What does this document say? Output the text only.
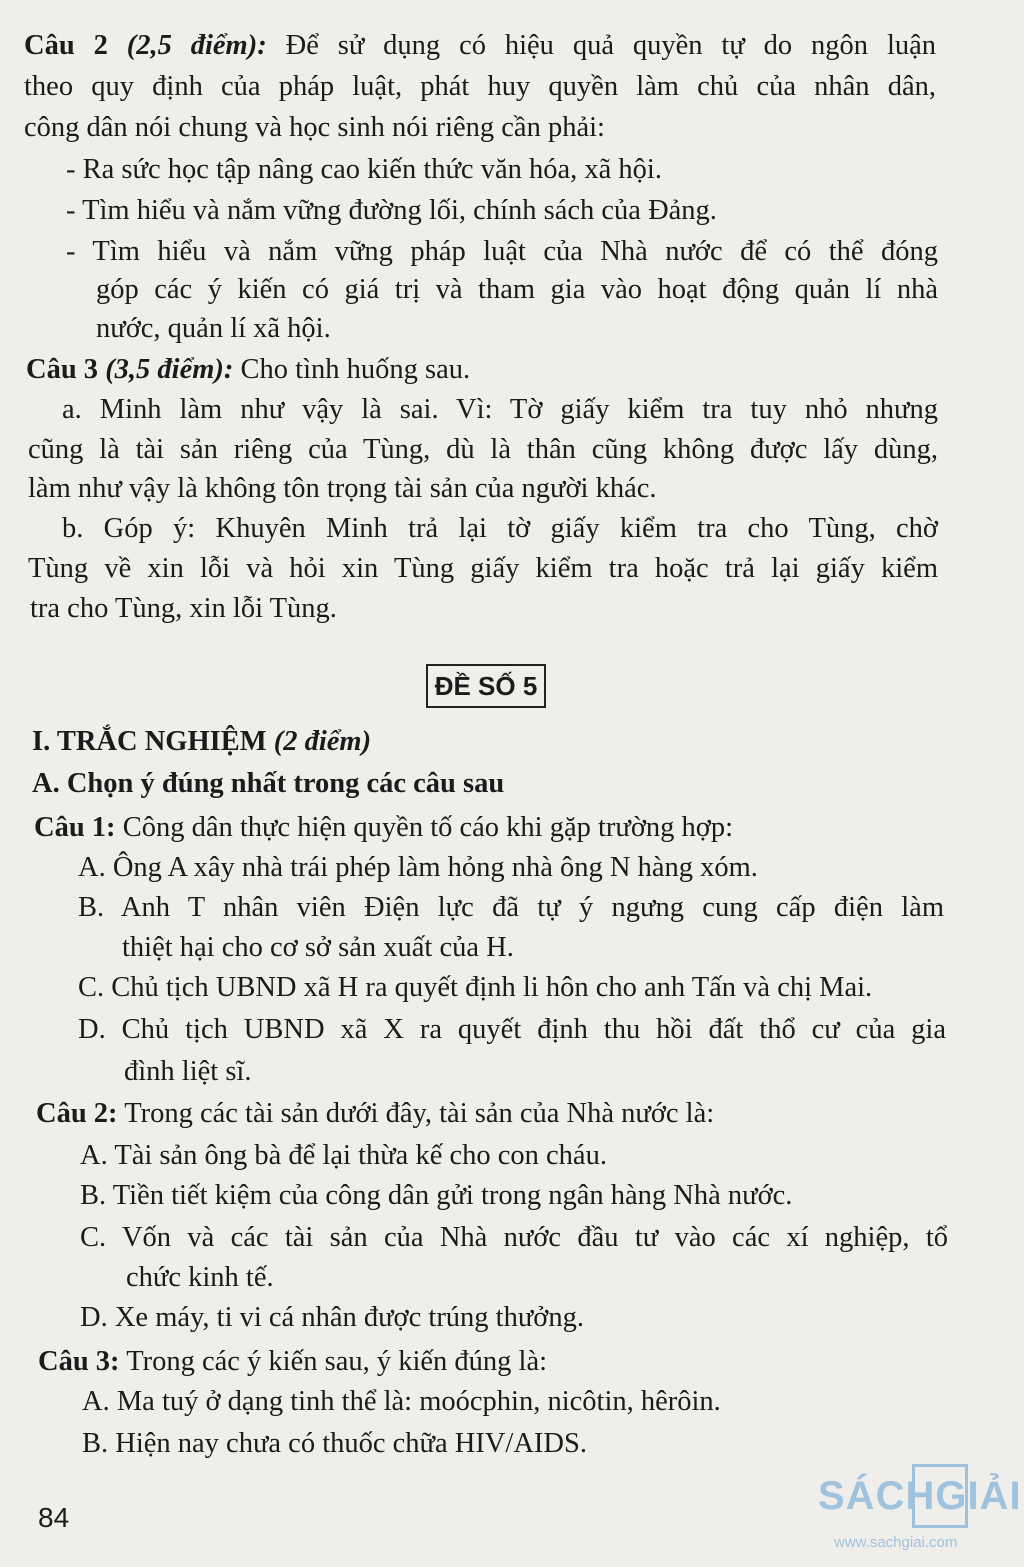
Câu 2 (2,5 điểm): Để sử dụng có hiệu quả quyền tự do ngôn luận
theo quy định của pháp luật, phát huy quyền làm chủ của nhân dân,
công dân nói chung và học sinh nói riêng cần phải:
- Ra sức học tập nâng cao kiến thức văn hóa, xã hội.
- Tìm hiểu và nắm vững đường lối, chính sách của Đảng.
- Tìm hiểu và nắm vững pháp luật của Nhà nước để có thể đóng
góp các ý kiến có giá trị và tham gia vào hoạt động quản lí nhà
nước, quản lí xã hội.
Câu 3 (3,5 điểm): Cho tình huống sau.
a. Minh làm như vậy là sai. Vì: Tờ giấy kiểm tra tuy nhỏ nhưng
cũng là tài sản riêng của Tùng, dù là thân cũng không được lấy dùng,
làm như vậy là không tôn trọng tài sản của người khác.
b. Góp ý: Khuyên Minh trả lại tờ giấy kiểm tra cho Tùng, chờ
Tùng về xin lỗi và hỏi xin Tùng giấy kiểm tra hoặc trả lại giấy kiểm
tra cho Tùng, xin lỗi Tùng.
ĐỀ SỐ 5
I. TRẮC NGHIỆM (2 điểm)
A. Chọn ý đúng nhất trong các câu sau
Câu 1: Công dân thực hiện quyền tố cáo khi gặp trường hợp:
A. Ông A xây nhà trái phép làm hỏng nhà ông N hàng xóm.
B. Anh T nhân viên Điện lực đã tự ý ngưng cung cấp điện làm
thiệt hại cho cơ sở sản xuất của H.
C. Chủ tịch UBND xã H ra quyết định li hôn cho anh Tấn và chị Mai.
D. Chủ tịch UBND xã X ra quyết định thu hồi đất thổ cư của gia
đình liệt sĩ.
Câu 2: Trong các tài sản dưới đây, tài sản của Nhà nước là:
A. Tài sản ông bà để lại thừa kế cho con cháu.
B. Tiền tiết kiệm của công dân gửi trong ngân hàng Nhà nước.
C. Vốn và các tài sản của Nhà nước đầu tư vào các xí nghiệp, tổ
chức kinh tế.
D. Xe máy, ti vi cá nhân được trúng thưởng.
Câu 3: Trong các ý kiến sau, ý kiến đúng là:
A. Ma tuý ở dạng tinh thể là: moócphin, nicôtin, hêrôin.
B. Hiện nay chưa có thuốc chữa HIV/AIDS.
84	SÁCHGIẢI
www.sachgiai.com
